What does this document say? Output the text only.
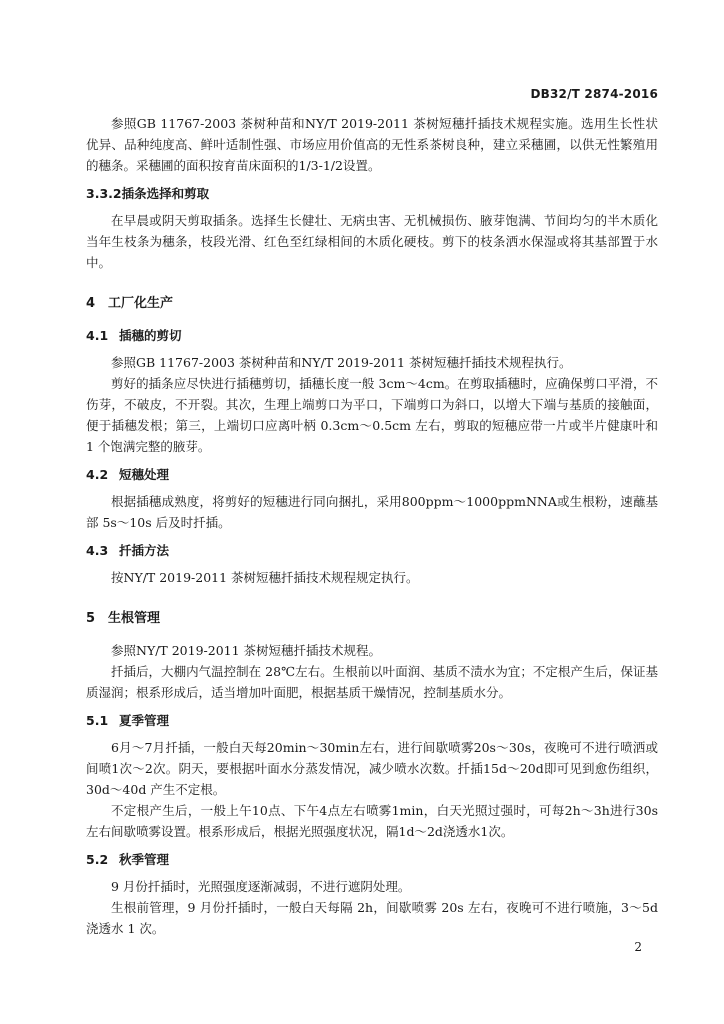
DB32/T 2874-2016
参照GB 11767-2003 茶树种苗和NY/T 2019-2011 茶树短穗扦插技术规程实施。选用生长性状优异、品种纯度高、鲜叶适制性强、市场应用价值高的无性系茶树良种，建立采穗圃，以供无性繁殖用的穗条。采穗圃的面积按育苗床面积的1/3-1/2设置。
3.3.2插条选择和剪取
在早晨或阴天剪取插条。选择生长健壮、无病虫害、无机械损伤、腋芽饱满、节间均匀的半木质化当年生枝条为穗条，枝段光滑、红色至红绿相间的木质化硬枝。剪下的枝条洒水保湿或将其基部置于水中。
4 工厂化生产
4.1 插穗的剪切
参照GB 11767-2003 茶树种苗和NY/T 2019-2011 茶树短穗扦插技术规程执行。
剪好的插条应尽快进行插穗剪切，插穗长度一般 3cm～4cm。在剪取插穗时，应确保剪口平滑，不伤芽，不破皮，不开裂。其次，生理上端剪口为平口，下端剪口为斜口，以增大下端与基质的接触面，便于插穗发根；第三，上端切口应离叶柄 0.3cm～0.5cm 左右，剪取的短穗应带一片或半片健康叶和 1 个饱满完整的腋芽。
4.2 短穗处理
根据插穗成熟度，将剪好的短穗进行同向捆扎，采用800ppm～1000ppmNNA或生根粉，速蘸基部 5s～10s 后及时扦插。
4.3 扦插方法
按NY/T 2019-2011 茶树短穗扦插技术规程规定执行。
5 生根管理
参照NY/T 2019-2011 茶树短穗扦插技术规程。
扦插后，大棚内气温控制在 28℃左右。生根前以叶面润、基质不渍水为宜；不定根产生后，保证基质湿润；根系形成后，适当增加叶面肥，根据基质干燥情况，控制基质水分。
5.1 夏季管理
6月～7月扦插，一般白天每20min～30min左右，进行间歇喷雾20s～30s，夜晚可不进行喷洒或间喷1次～2次。阴天，要根据叶面水分蒸发情况，减少喷水次数。扦插15d～20d即可见到愈伤组织，30d～40d 产生不定根。
不定根产生后，一般上午10点、下午4点左右喷雾1min，白天光照过强时，可每2h～3h进行30s左右间歇喷雾设置。根系形成后，根据光照强度状况，隔1d～2d浇透水1次。
5.2 秋季管理
9 月份扦插时，光照强度逐渐减弱，不进行遮阴处理。
生根前管理，9 月份扦插时，一般白天每隔 2h，间歇喷雾 20s 左右，夜晚可不进行喷施，3～5d 浇透水 1 次。
2
